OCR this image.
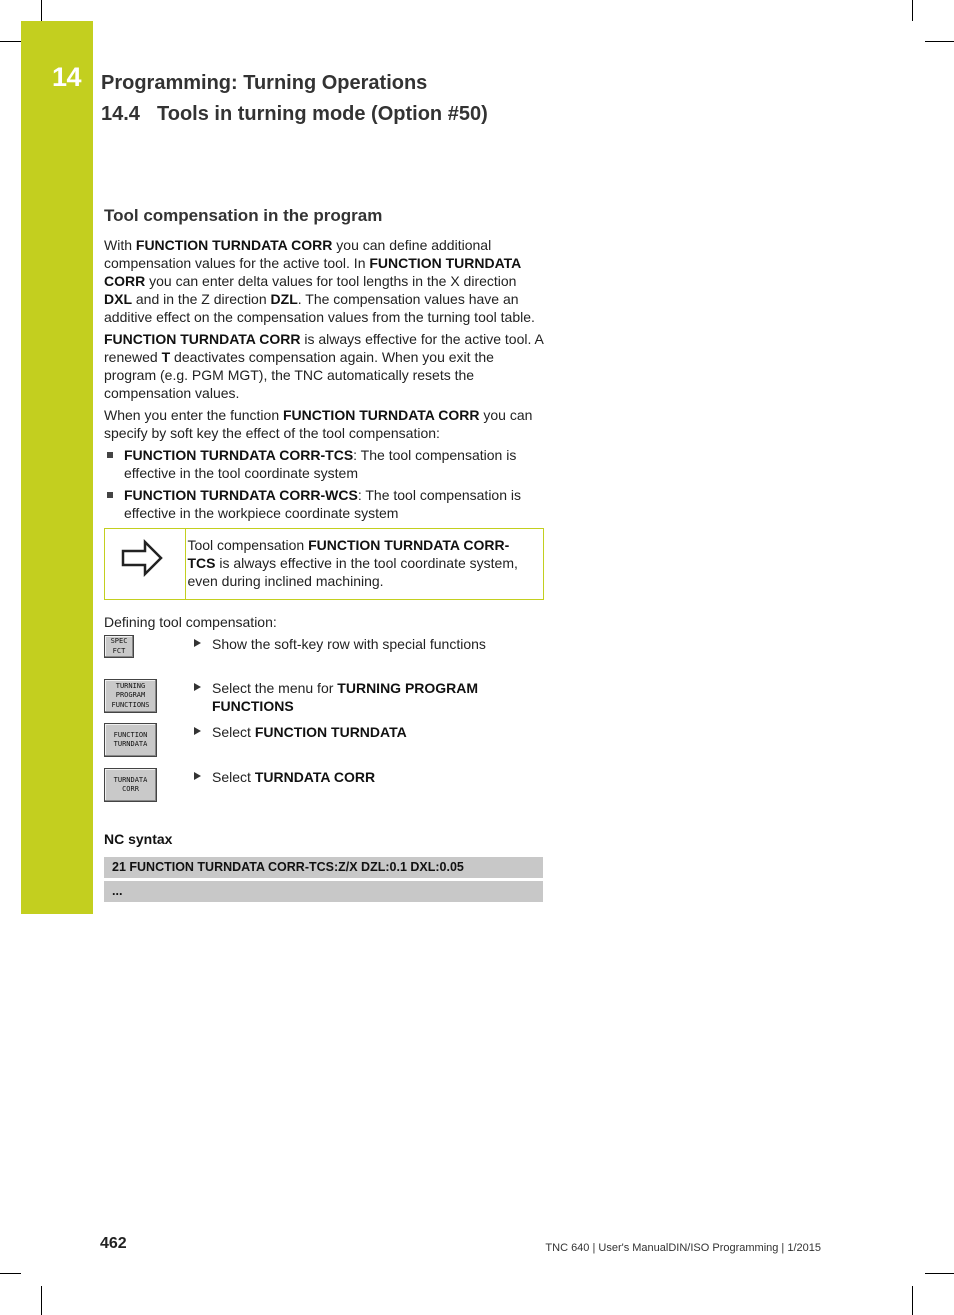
14 Programming: Turning Operations
14.4 Tools in turning mode (Option #50)
Tool compensation in the program

With FUNCTION TURNDATA CORR you can define additional compensation values for the active tool. In FUNCTION TURNDATA CORR you can enter delta values for tool lengths in the X direction DXL and in the Z direction DZL. The compensation values have an additive effect on the compensation values from the turning tool table.

FUNCTION TURNDATA CORR is always effective for the active tool. A renewed T deactivates compensation again. When you exit the program (e.g. PGM MGT), the TNC automatically resets the compensation values.

When you enter the function FUNCTION TURNDATA CORR you can specify by soft key the effect of the tool compensation:

FUNCTION TURNDATA CORR-TCS: The tool compensation is effective in the tool coordinate system
FUNCTION TURNDATA CORR-WCS: The tool compensation is effective in the workpiece coordinate system
Tool compensation FUNCTION TURNDATA CORR-TCS is always effective in the tool coordinate system, even during inclined machining.

Defining tool compensation:

SPEC
FCT	Show the soft-key row with special functions
TURNING
PROGRAM
FUNCTIONS
Select the menu for TURNING PROGRAM FUNCTIONS
FUNCTION
TURNDATA
Select FUNCTION TURNDATA
TURNDATA
CORR
Select TURNDATA CORR
NC syntax
21 FUNCTION TURNDATA CORR-TCS:Z/X DZL:0.1 DXL:0.05
...
462	TNC 640 | User's ManualDIN/ISO Programming | 1/2015
